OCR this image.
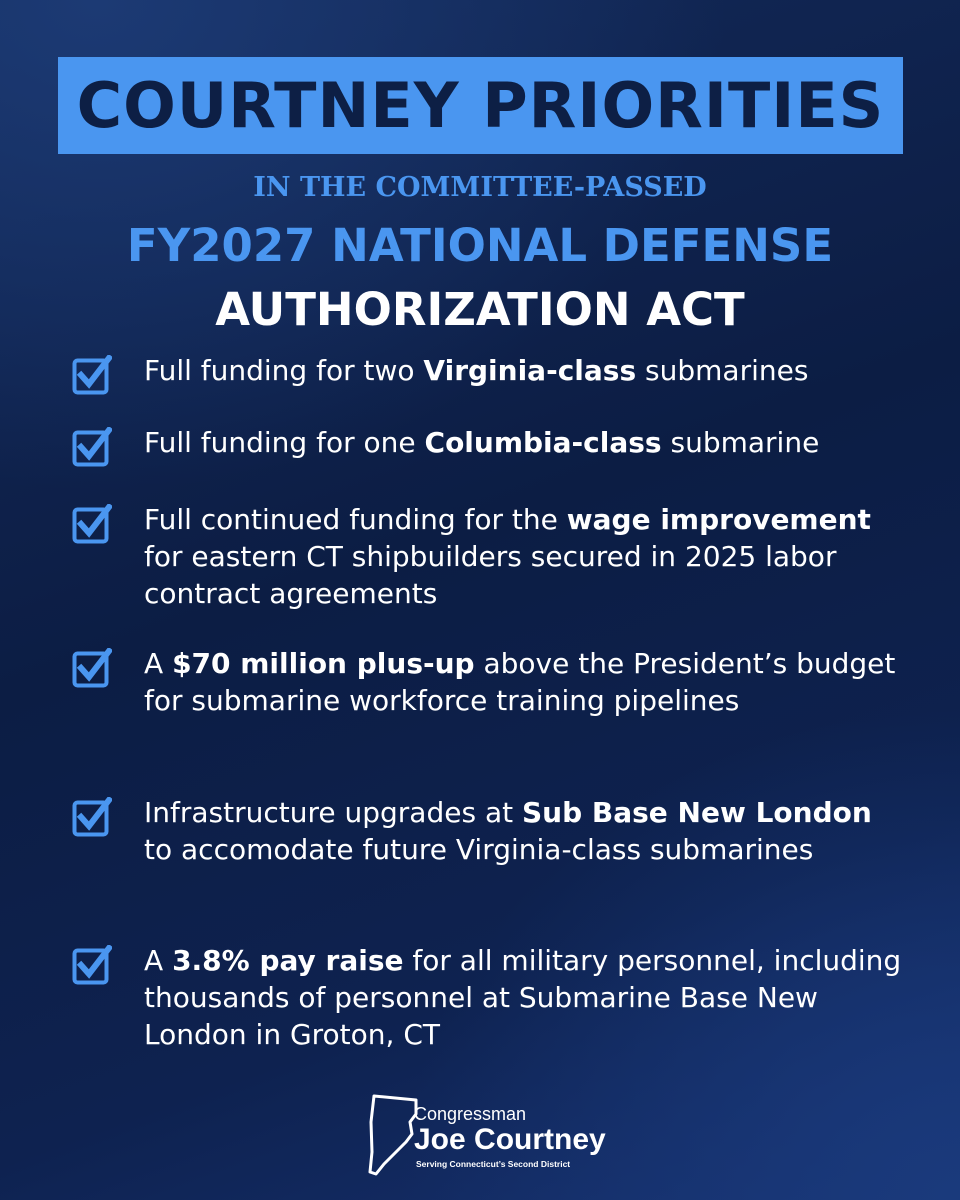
COURTNEY PRIORITIES
IN THE COMMITTEE-PASSED
FY2027 NATIONAL DEFENSE
AUTHORIZATION ACT
Full funding for two Virginia-class submarines
Full funding for one Columbia-class submarine
Full continued funding for the wage improvement for eastern CT shipbuilders secured in 2025 labor contract agreements
A $70 million plus-up above the President’s budget for submarine workforce training pipelines
Infrastructure upgrades at Sub Base New London to accomodate future Virginia-class submarines
A 3.8% pay raise for all military personnel, including thousands of personnel at Submarine Base New London in Groton, CT
Congressman
Joe Courtney
Serving Connecticut’s Second District
